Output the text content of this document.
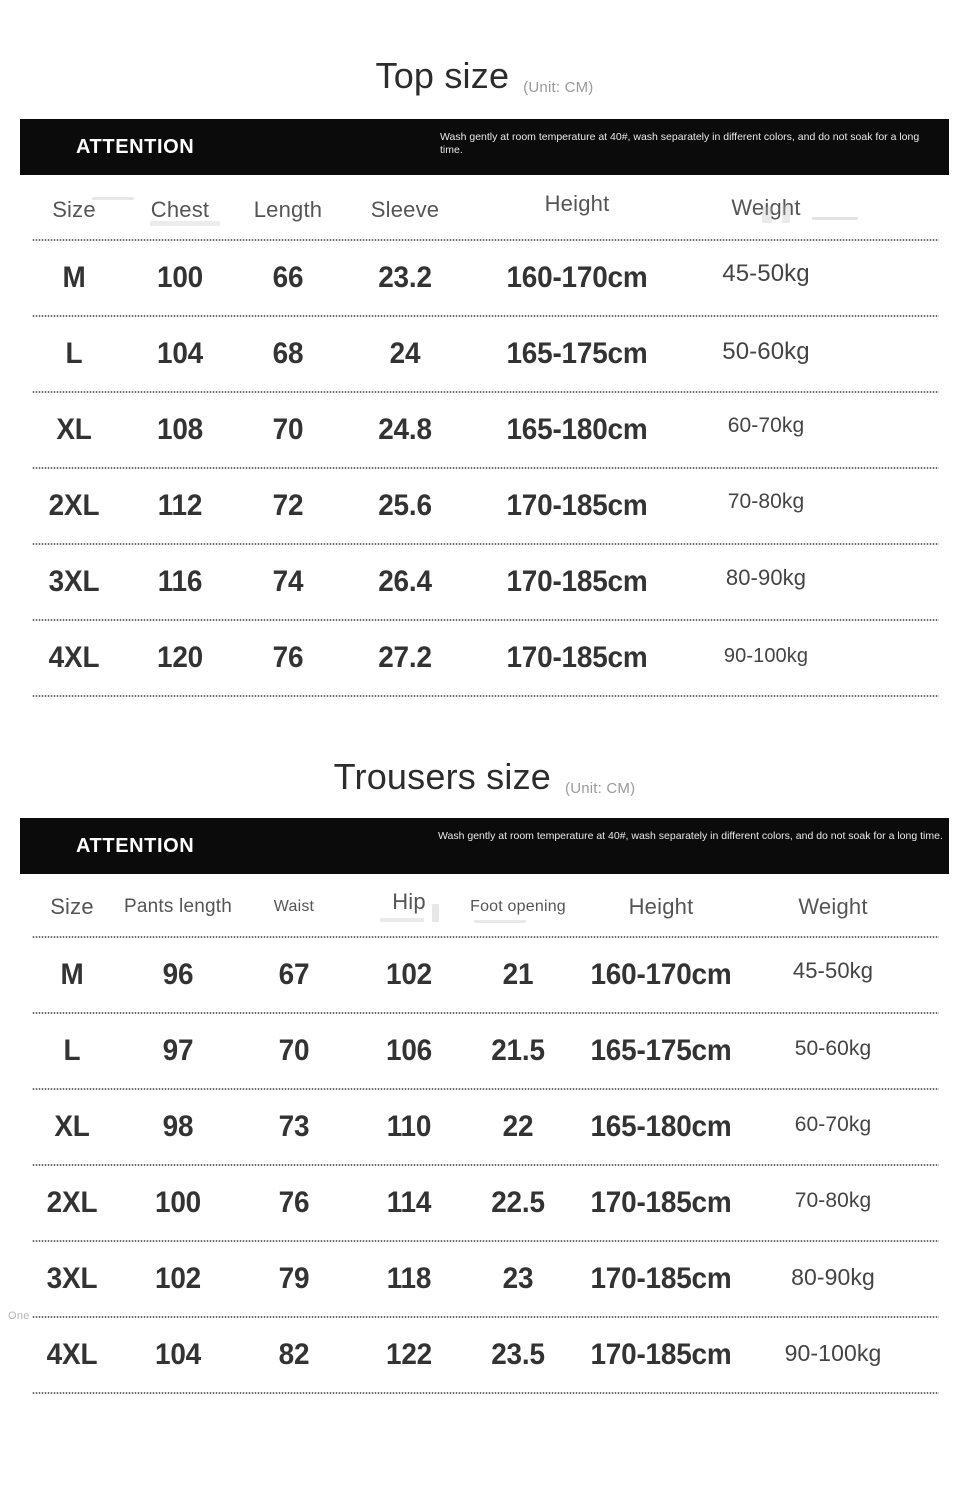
Top size (Unit: CM)
ATTENTION	Wash gently at room temperature at 40#, wash separately in different colors, and do not soak for a long time.
Size	Chest	Length	Sleeve	Height	Weight
M	100	66	23.2	160-170cm	45-50kg
L	104	68	24	165-175cm	50-60kg
XL	108	70	24.8	165-180cm	60-70kg
2XL	112	72	25.6	170-185cm	70-80kg
3XL	116	74	26.4	170-185cm	80-90kg
4XL	120	76	27.2	170-185cm	90-100kg
Trousers size (Unit: CM)
ATTENTION	Wash gently at room temperature at 40#, wash separately in different colors, and do not soak for a long time.
Size	Pants length	Waist	Hip	Foot opening	Height	Weight
M	96	67	102	21	160-170cm	45-50kg
L	97	70	106	21.5	165-175cm	50-60kg
XL	98	73	110	22	165-180cm	60-70kg
2XL	100	76	114	22.5	170-185cm	70-80kg
3XL	102	79	118	23	170-185cm	80-90kg
One
4XL	104	82	122	23.5	170-185cm	90-100kg
